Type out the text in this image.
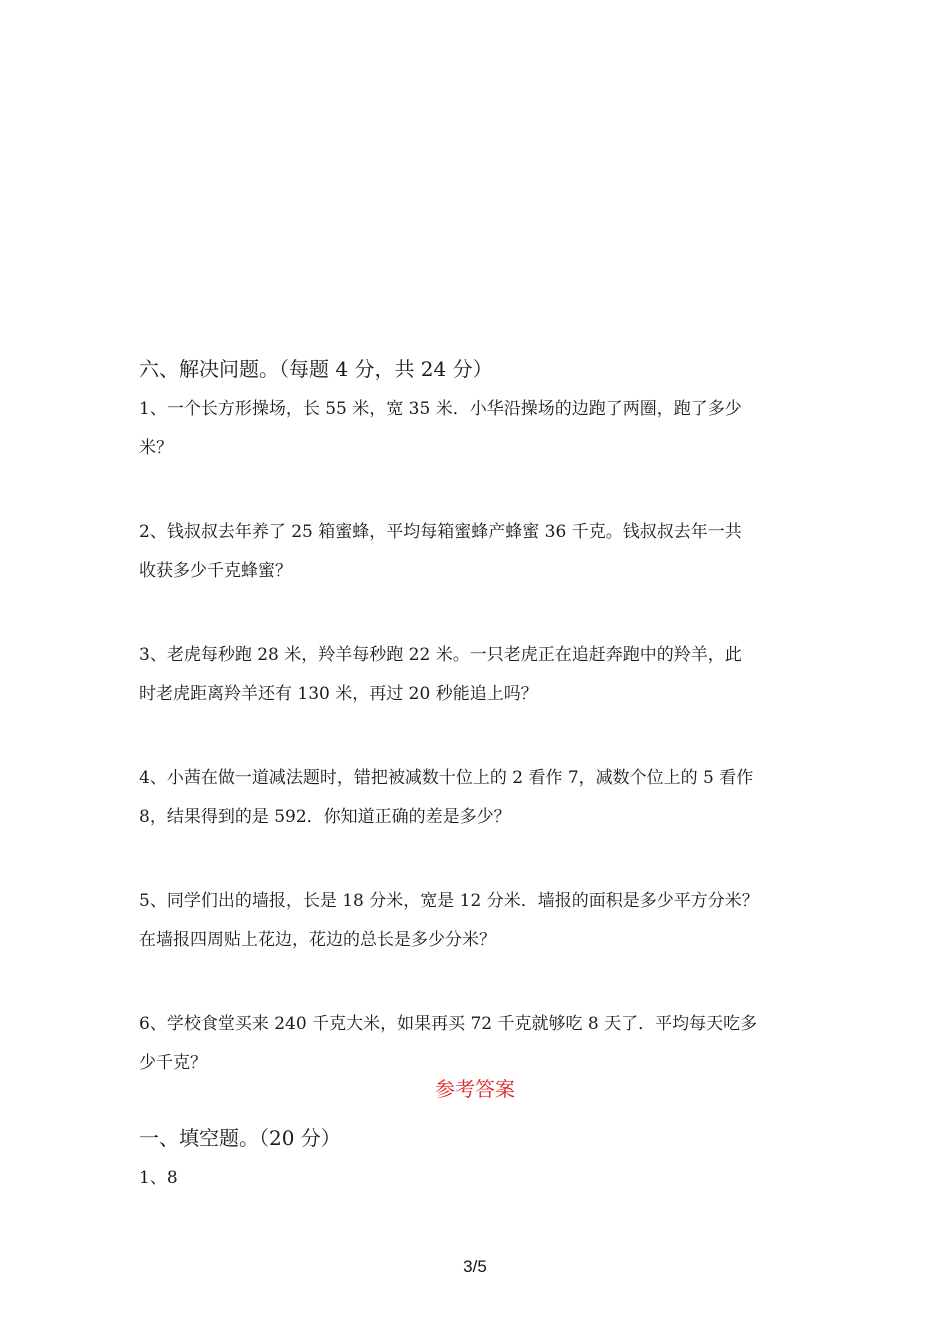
六、解决问题。（每题 4 分，共 24 分）
1、一个长方形操场，长 55 米，宽 35 米．小华沿操场的边跑了两圈，跑了多少
米？
2、钱叔叔去年养了 25 箱蜜蜂，平均每箱蜜蜂产蜂蜜 36 千克。钱叔叔去年一共
收获多少千克蜂蜜？
3、老虎每秒跑 28 米，羚羊每秒跑 22 米。一只老虎正在追赶奔跑中的羚羊，此
时老虎距离羚羊还有 130 米，再过 20 秒能追上吗？
4、小茜在做一道减法题时，错把被减数十位上的 2 看作 7，减数个位上的 5 看作
8，结果得到的是 592．你知道正确的差是多少？
5、同学们出的墙报，长是 18 分米，宽是 12 分米．墙报的面积是多少平方分米？
在墙报四周贴上花边，花边的总长是多少分米？
6、学校食堂买来 240 千克大米，如果再买 72 千克就够吃 8 天了．平均每天吃多
少千克？
参考答案
一、填空题。（20 分）
1、8
3/5
